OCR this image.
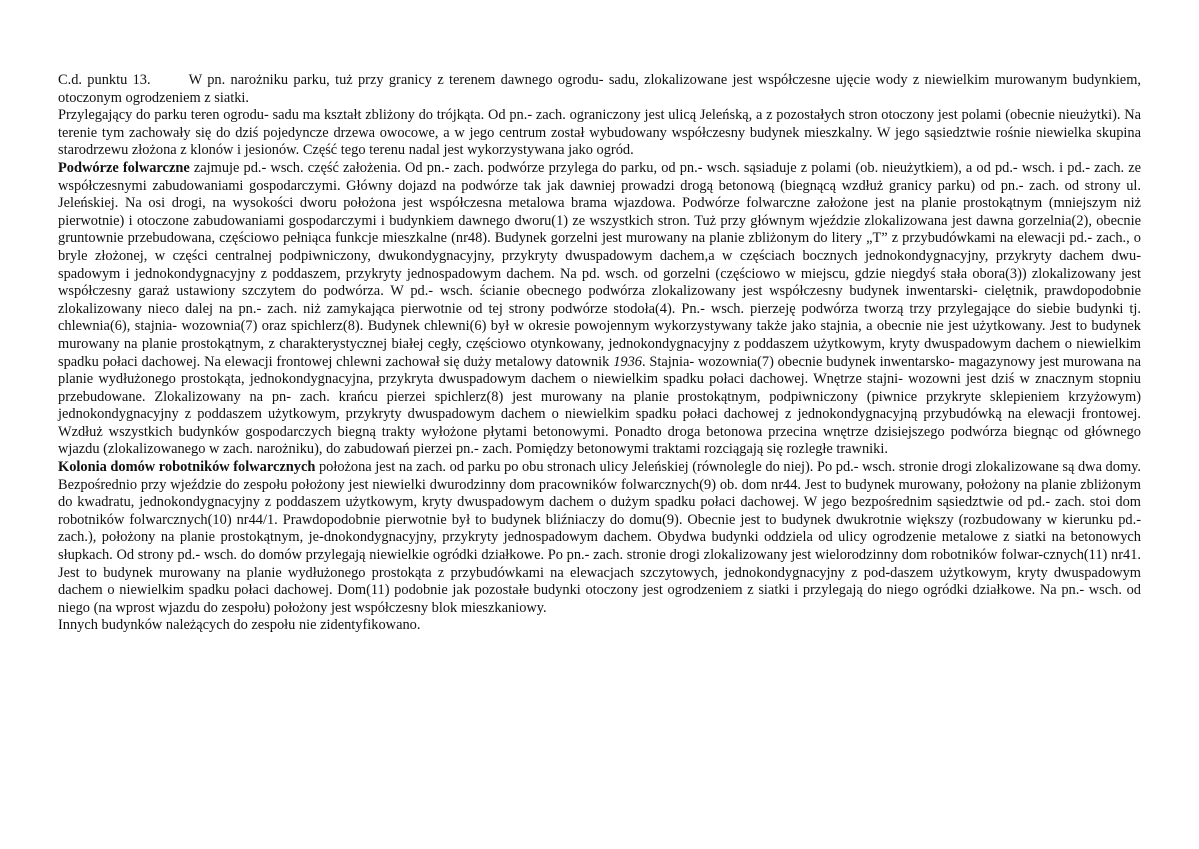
C.d. punktu 13.	W pn. narożniku parku, tuż przy granicy z terenem dawnego ogrodu- sadu, zlokalizowane jest współczesne ujęcie wody z niewielkim murowanym budynkiem, otoczonym ogrodzeniem z siatki.

Przylegający do parku teren ogrodu- sadu ma kształt zbliżony do trójkąta. Od pn.- zach. ograniczony jest ulicą Jeleńską, a z pozostałych stron otoczony jest polami (obecnie nieużytki). Na terenie tym zachowały się do dziś pojedyncze drzewa owocowe, a w jego centrum został wybudowany współczesny budynek mieszkalny. W jego sąsiedztwie rośnie niewielka skupina starodrzewu złożona z klonów i jesionów. Część tego terenu nadal jest wykorzystywana jako ogród.

Podwórze folwarczne zajmuje pd.- wsch. część założenia. Od pn.- zach. podwórze przylega do parku, od pn.- wsch. sąsiaduje z polami (ob. nieużytkiem), a od pd.- wsch. i pd.- zach. ze współczesnymi zabudowaniami gospodarczymi. Główny dojazd na podwórze tak jak dawniej prowadzi drogą betonową (biegnącą wzdłuż granicy parku) od pn.- zach. od strony ul. Jeleńskiej. Na osi drogi, na wysokości dworu położona jest współczesna metalowa brama wjazdowa. Podwórze folwarczne założone jest na planie prostokątnym (mniejszym niż pierwotnie) i otoczone zabudowaniami gospodarczymi i budynkiem dawnego dworu(1) ze wszystkich stron. Tuż przy głównym wjeździe zlokalizowana jest dawna gorzelnia(2), obecnie gruntownie przebudowana, częściowo pełniąca funkcje mieszkalne (nr48). Budynek gorzelni jest murowany na planie zbliżonym do litery „T” z przybudówkami na elewacji pd.- zach., o bryle złożonej, w części centralnej podpiwniczony, dwukondygnacyjny, przykryty dwuspadowym dachem,a w częściach bocznych jednokondygnacyjny, przykryty dachem dwu-spadowym i jednokondygnacyjny z poddaszem, przykryty jednospadowym dachem. Na pd. wsch. od gorzelni (częściowo w miejscu, gdzie niegdyś stała obora(3)) zlokalizowany jest współczesny garaż ustawiony szczytem do podwórza. W pd.- wsch. ścianie obecnego podwórza zlokalizowany jest współczesny budynek inwentarski- cielętnik, prawdopodobnie zlokalizowany nieco dalej na pn.- zach. niż zamykająca pierwotnie od tej strony podwórze stodoła(4). Pn.- wsch. pierzeję podwórza tworzą trzy przylegające do siebie budynki tj. chlewnia(6), stajnia- wozownia(7) oraz spichlerz(8). Budynek chlewni(6) był w okresie powojennym wykorzystywany także jako stajnia, a obecnie nie jest użytkowany. Jest to budynek murowany na planie prostokątnym, z charakterystycznej białej cegły, częściowo otynkowany, jednokondygnacyjny z poddaszem użytkowym, kryty dwuspadowym dachem o niewielkim spadku połaci dachowej. Na elewacji frontowej chlewni zachował się duży metalowy datownik 1936. Stajnia- wozownia(7) obecnie budynek inwentarsko- magazynowy jest murowana na planie wydłużonego prostokąta, jednokondygnacyjna, przykryta dwuspadowym dachem o niewielkim spadku połaci dachowej. Wnętrze stajni- wozowni jest dziś w znacznym stopniu przebudowane. Zlokalizowany na pn- zach. krańcu pierzei spichlerz(8) jest murowany na planie prostokątnym, podpiwniczony (piwnice przykryte sklepieniem krzyżowym) jednokondygnacyjny z poddaszem użytkowym, przykryty dwuspadowym dachem o niewielkim spadku połaci dachowej z jednokondygnacyjną przybudówką na elewacji frontowej. Wzdłuż wszystkich budynków gospodarczych biegną trakty wyłożone płytami betonowymi. Ponadto droga betonowa przecina wnętrze dzisiejszego podwórza biegnąc od głównego wjazdu (zlokalizowanego w zach. narożniku), do zabudowań pierzei pn.- zach. Pomiędzy betonowymi traktami rozciągają się rozległe trawniki.

Kolonia domów robotników folwarcznych położona jest na zach. od parku po obu stronach ulicy Jeleńskiej (równolegle do niej). Po pd.- wsch. stronie drogi zlokalizowane są dwa domy. Bezpośrednio przy wjeździe do zespołu położony jest niewielki dwurodzinny dom pracowników folwarcznych(9) ob. dom nr44. Jest to budynek murowany, położony na planie zbliżonym do kwadratu, jednokondygnacyjny z poddaszem użytkowym, kryty dwuspadowym dachem o dużym spadku połaci dachowej. W jego bezpośrednim sąsiedztwie od pd.- zach. stoi dom robotników folwarcznych(10) nr44/1. Prawdopodobnie pierwotnie był to budynek bliźniaczy do domu(9). Obecnie jest to budynek dwukrotnie większy (rozbudowany w kierunku pd.- zach.), położony na planie prostokątnym, je-dnokondygnacyjny, przykryty jednospadowym dachem. Obydwa budynki oddziela od ulicy ogrodzenie metalowe z siatki na betonowych słupkach. Od strony pd.- wsch. do domów przylegają niewielkie ogródki działkowe. Po pn.- zach. stronie drogi zlokalizowany jest wielorodzinny dom robotników folwar-cznych(11) nr41. Jest to budynek murowany na planie wydłużonego prostokąta z przybudówkami na elewacjach szczytowych, jednokondygnacyjny z pod-daszem użytkowym, kryty dwuspadowym dachem o niewielkim spadku połaci dachowej. Dom(11) podobnie jak pozostałe budynki otoczony jest ogrodzeniem z siatki i przylegają do niego ogródki działkowe. Na pn.- wsch. od niego (na wprost wjazdu do zespołu) położony jest współczesny blok mieszkaniowy.

Innych budynków należących do zespołu nie zidentyfikowano.
